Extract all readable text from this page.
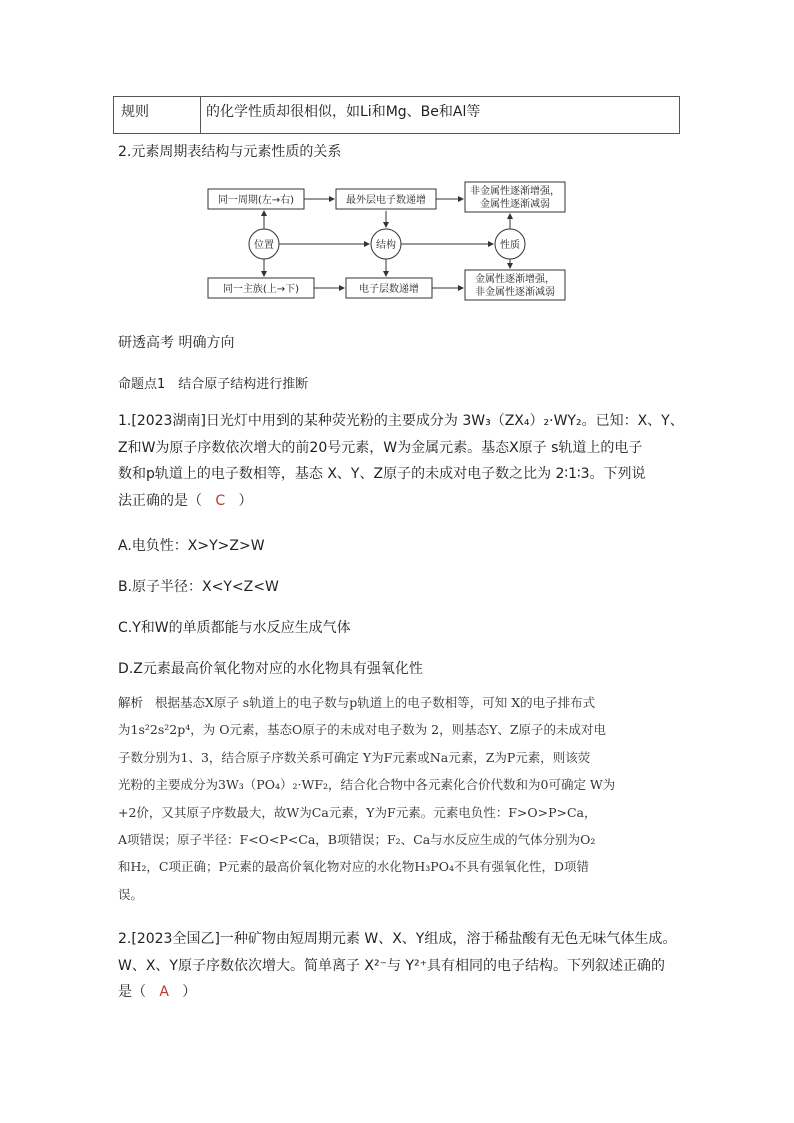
规则	的化学性质却很相似，如Li和Mg、Be和Al等
2.元素周期表结构与元素性质的关系
同一周期(左→右)	最外层电子数递增
非金属性逐渐增强，
金属性逐渐减弱
位置	结构	性质
同一主族(上→下)	电子层数递增
金属性逐渐增强，
非金属性逐渐减弱
研透高考 明确方向
命题点1　结合原子结构进行推断
1.[2023湖南]日光灯中用到的某种荧光粉的主要成分为 3W₃（ZX₄）₂·WY₂。已知：X、Y、
Z和W为原子序数依次增大的前20号元素，W为金属元素。基态X原子 s轨道上的电子
数和p轨道上的电子数相等，基态 X、Y、Z原子的未成对电子数之比为 2∶1∶3。下列说
法正确的是（ C ）
A.电负性：X>Y>Z>W
B.原子半径：X<Y<Z<W
C.Y和W的单质都能与水反应生成气体
D.Z元素最高价氧化物对应的水化物具有强氧化性
解析 根据基态X原子 s轨道上的电子数与p轨道上的电子数相等，可知 X的电子排布式
为1s²2s²2p⁴，为 O元素，基态O原子的未成对电子数为 2，则基态Y、Z原子的未成对电
子数分别为1、3，结合原子序数关系可确定 Y为F元素或Na元素，Z为P元素，则该荧
光粉的主要成分为3W₃（PO₄）₂·WF₂，结合化合物中各元素化合价代数和为0可确定 W为
+2价，又其原子序数最大，故W为Ca元素，Y为F元素。元素电负性：F>O>P>Ca，
A项错误；原子半径：F<O<P<Ca，B项错误；F₂、Ca与水反应生成的气体分别为O₂
和H₂，C项正确；P元素的最高价氧化物对应的水化物H₃PO₄不具有强氧化性，D项错
误。
2.[2023全国乙]一种矿物由短周期元素 W、X、Y组成，溶于稀盐酸有无色无味气体生成。
W、X、Y原子序数依次增大。简单离子 X²⁻与 Y²⁺具有相同的电子结构。下列叙述正确的
是（ A ）
